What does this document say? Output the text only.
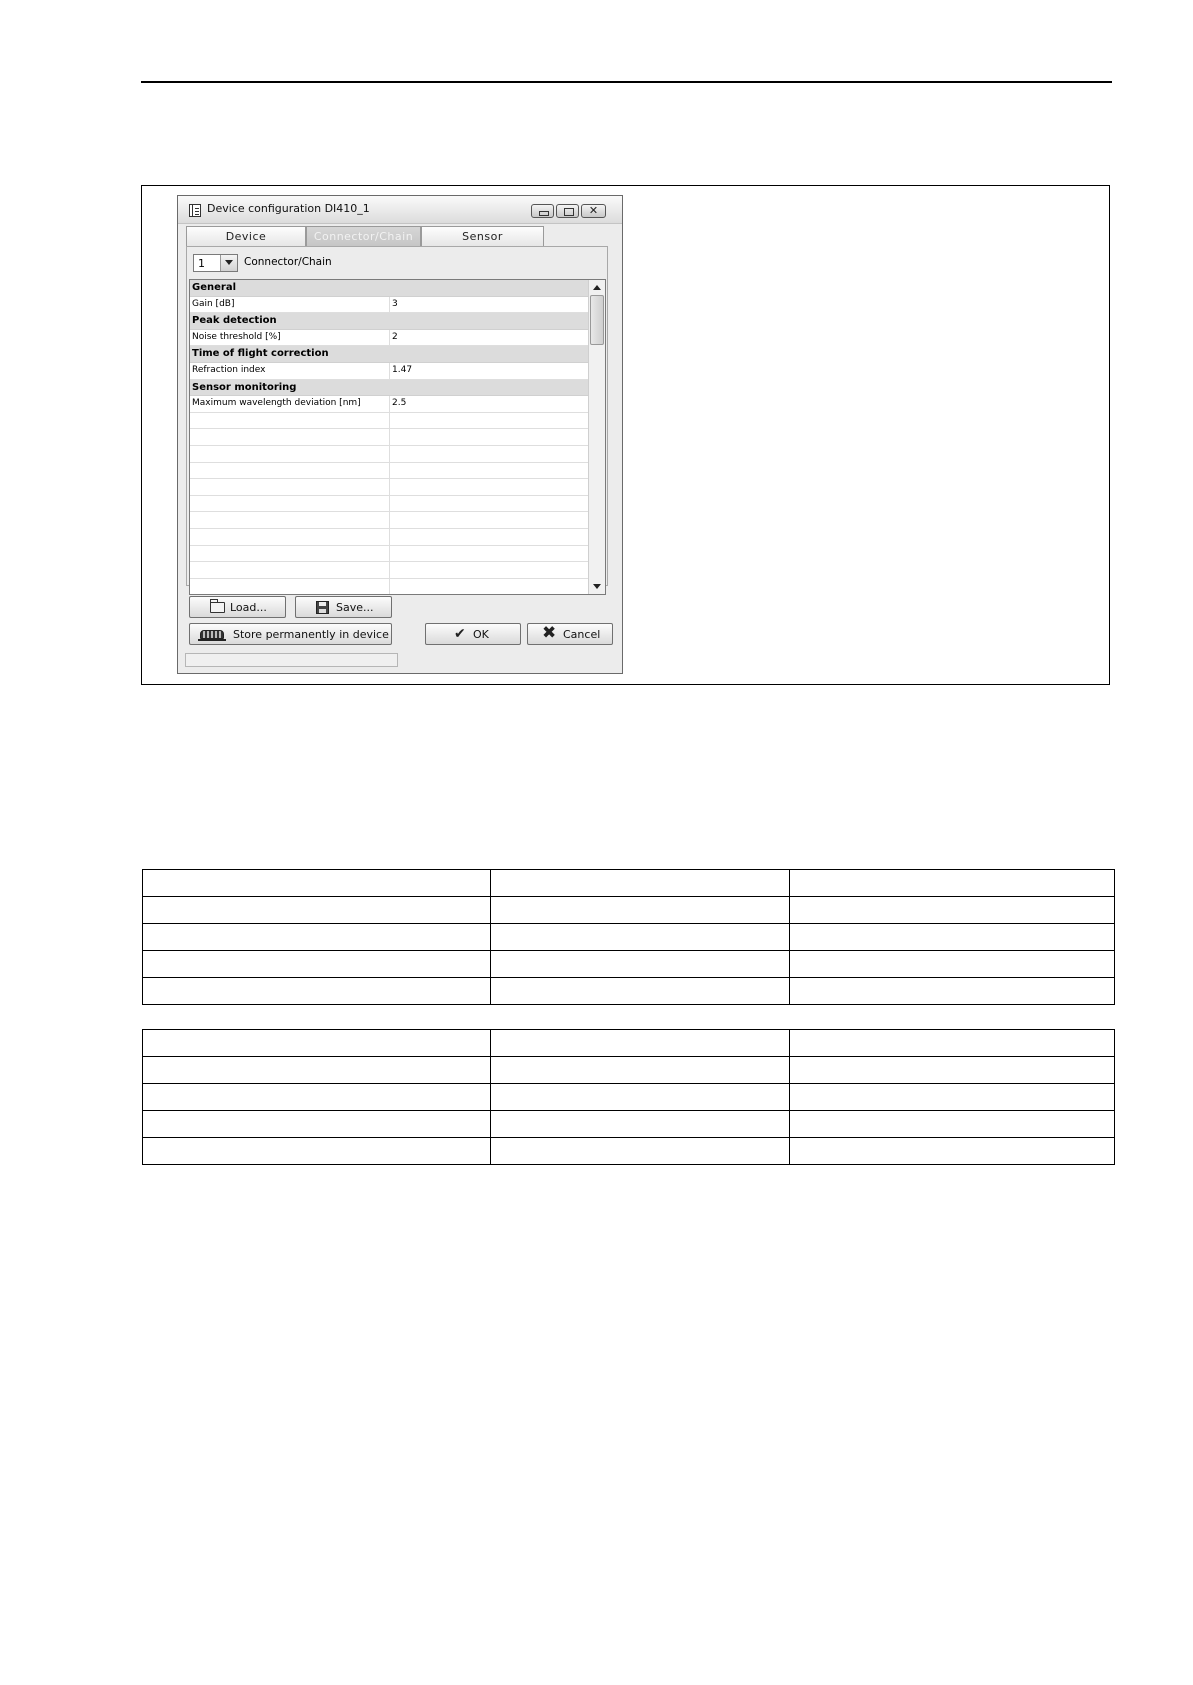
Device configuration DI410_1	✕
Device	Connector/Chain	Sensor
1	Connector/Chain
General
Gain [dB]	3
Peak detection
Noise threshold [%]	2
Time of flight correction
Refraction index	1.47
Sensor monitoring
Maximum wavelength deviation [nm]	2.5
Load...	Save...
Store permanently in device	✔ OK	✖ Cancel
